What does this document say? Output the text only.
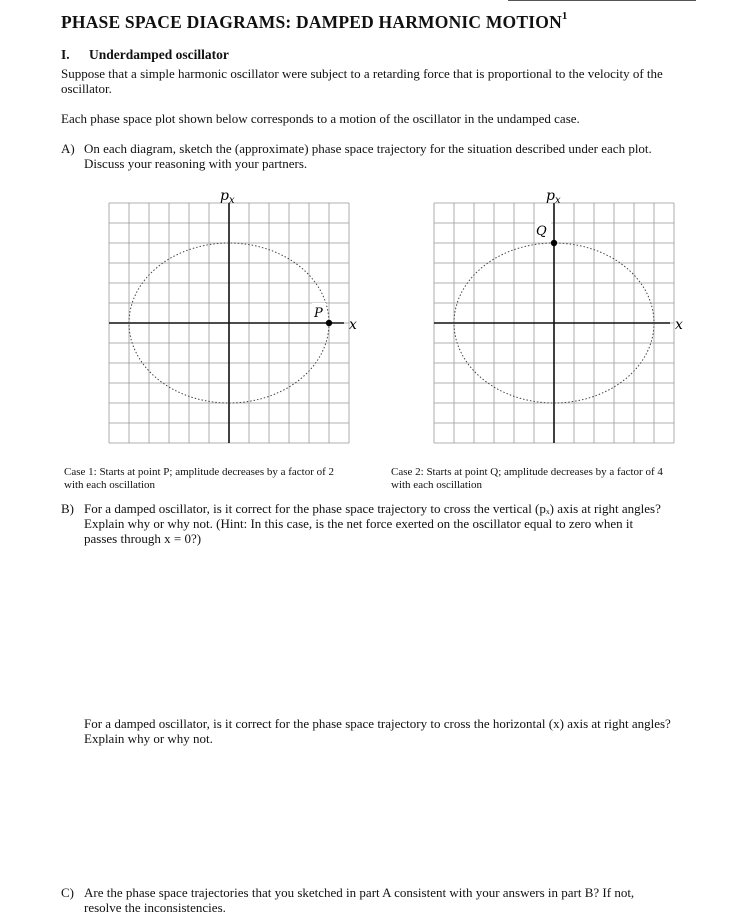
PHASE SPACE DIAGRAMS: DAMPED HARMONIC MOTION$^1$
I. Underdamped oscillator
Suppose that a simple harmonic oscillator were subject to a retarding force that is proportional to the velocity of the
oscillator.
Each phase space plot shown below corresponds to a motion of the oscillator in the undamped case.
A) On each diagram, sketch the (approximate) phase space trajectory for the situation described under each plot.
Discuss your reasoning with your partners.
$p_x$
x
P
$p_x$
x
Q
Case 1: Starts at point P; amplitude decreases by a factor of 2
with each oscillation
Case 2: Starts at point Q; amplitude decreases by a factor of 4
with each oscillation
B) For a damped oscillator, is it correct for the phase space trajectory to cross the vertical (pₓ) axis at right angles?
Explain why or why not. (Hint: In this case, is the net force exerted on the oscillator equal to zero when it
passes through x = 0?)
For a damped oscillator, is it correct for the phase space trajectory to cross the horizontal (x) axis at right angles?
Explain why or why not.
C) Are the phase space trajectories that you sketched in part A consistent with your answers in part B? If not,
resolve the inconsistencies.
